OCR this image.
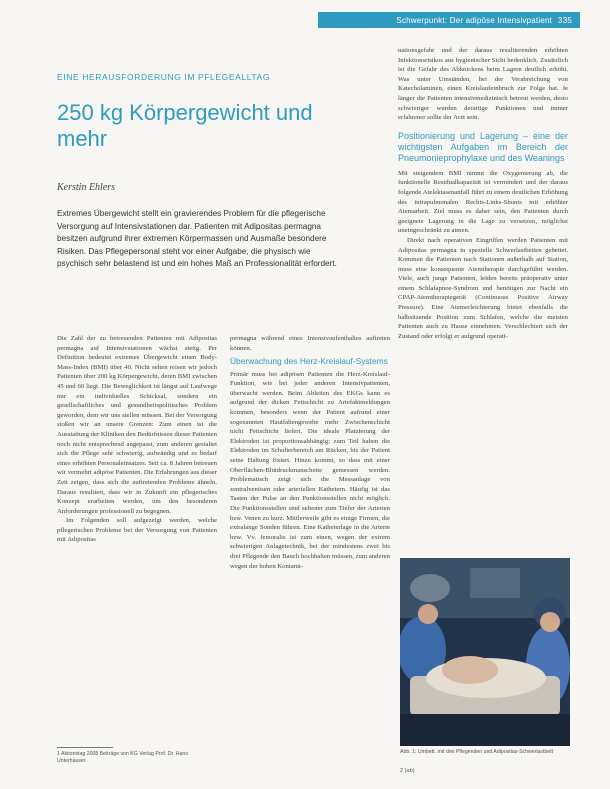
Schwerpunkt: Der adipöse Intensivpatient 335
EINE HERAUSFORDERUNG IM PFLEGEALLTAG
250 kg Körpergewicht und mehr
Kerstin Ehlers

Extremes Übergewicht stellt ein gravierendes Problem für die pflegerische Versorgung auf Intensivstationen dar. Patienten mit Adipositas permagna besitzen aufgrund ihrer extremen Körpermassen und Ausmaße besondere Risiken. Das Pflegepersonal steht vor einer Aufgabe, die physisch wie psychisch sehr belastend ist und ein hohes Maß an Professionalität erfordert.

Die Zahl der zu betreuenden Patienten mit Adipositas permagna auf Intensivstationen wächst stetig. Per Definition bedeutet extremes Übergewicht einen Body-Mass-Index (BMI) über 40. Nicht selten reisen wir jedoch Patienten über 200 kg Körpergewicht, deren BMI zwischen 45 und 60 liegt. Die Beweglichkeit ist längst auf Laufwege nur ein individuelles Schicksal, sondern ein gesellschaftliches und gesundheitspolitisches Problem geworden, dem wir uns stellen müssen. Bei der Versorgung stoßen wir an unsere Grenzen: Zum einen ist die Ausstattung der Kliniken den Bedürfnissen dieser Patienten noch nicht entsprechend angepasst, zum anderen gestaltet sich die Pflege sehr schwierig, aufwändig und es bedarf eines erhöhten Personaleinsatzes. Seit ca. 8 Jahren betreuen wir vermehrt adipöse Patienten. Die Erfahrungen aus dieser Zeit zeigen, dass sich die auftretenden Probleme ähneln. Daraus resultiert, dass wir in Zukunft ein pflegerisches Konzept erarbeiten werden, um den besonderen Anforderungen professionell zu begegnen.

Im Folgenden soll aufgezeigt werden, welche pflegerischen Probleme bei der Versorgung von Patienten mit Adipositas

permagna während eines Intensivaufenthaltes auftreten können.

Überwachung des Herz-Kreislauf-Systems

Primär muss bei adipösen Patienten die Herz-Kreislauf-Funktion, wie bei jeder anderen Intensivpatienten, überwacht werden. Beim Ableiten des EKGs kann es aufgrund der dicken Fettschicht zu Artefaktmeldungen kommen, besonders wenn der Patient aufrund einer sogenannten Hautfaltengewebe mehr Zwischenschicht nicht Fettschicht liefert. Die ideale Platzierung der Elektroden ist proportionsabhängig; zum Teil haben die Elektroden im Schulterbereich am Rücken, bis der Patient seine Haltung fixiert. Hinzu kommt, so dass mit einer Oberflächen-Blutdruckmanschette gemessen werden. Problematisch zeigt sich die Messanlage von zentralvenösen oder arteriellen Kathetern. Häufig ist das Tasten der Pulse an den Punktionsstellen nicht möglich. Die Punktionsstellen sind seltener zum Tiefer der Arterien bzw. Venen zu kurz. Mittlerweile gibt es einige Firmen, die extralange Sonden führen. Eine Katheterlage in die Arterie bzw. Vv. femoralis ist zum einen, wegen der extrem schwierigen Anlagetechnik, bei der mindestens zwei bis drei Pflegende den Bauch hochhalten müssen, zum anderen wegen der hohen Kontami-

nationsgefahr und der daraus resultierenden erhöhten Infektionsrisikos aus hygienischer Sicht bedenklich. Zusätzlich ist die Gefahr des Abknickens beim Lagern deutlich erhöht. Was unter Umständen, bei der Verabreichung von Katecholaminen, einen Kreislaufeinbruch zur Folge hat. Je länger die Patienten intensivmedizinisch betreut werden, desto schwieriger wurden derartige Punktionen und immer erfahrener sollte der Arzt sein.

Positionierung und Lagerung – eine der wichtigsten Aufgaben im Bereich der Pneumonieprophylaxe und des Weanings

Mit steigendem BMI nimmt die Oxygenierung ab, die funktionelle Residualkapazität ist vermindert und der daraus folgende Atelektasenanfall führt zu einem deutlichen Erhöhung des intrapulmonalen Rechts-Links-Shunts mit erhöhter Atemarbeit. Ziel muss es daher sein, den Patienten durch geeignete Lagerung in die Lage zu versetzen, möglichst uneingeschränkt zu atmen.

Direkt nach operativen Eingriffen werden Patienten mit Adipositas permagna in spezielle Schwerlastbetten gebettet. Kommen die Patienten nach Stationen außerhalb auf Station, muss eine konsequente Atemtherapie durchgeführt werden. Viele, auch junge Patienten, leiden bereits präoperativ unter einem Schlafapnoe-Syndrom und benötigen zur Nacht ein CPAP-Atemtherapiegerät (Continuous Positive Airway Pressure). Eine Atemerleichterung bietet ebenfalls die halbsitzende Position zum Schlafen, welche die meisten Patienten auch zu Hause einnehmen. Verschlechtert sich der Zustand oder erfolgt er aufgrund operati-

Abb. 1: Umbett. mit drei Pflegenden und Adipositas-Schwerlastbett
1 Aktionstag 2008 Beiträge von KG Verlag Prof. Dr. Hans Unterhauser
2 (ab)
